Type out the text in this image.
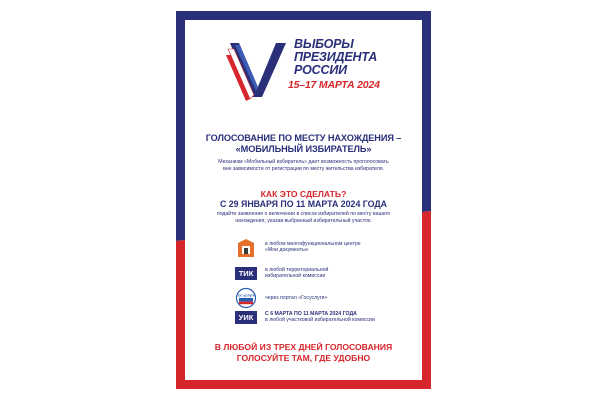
ВЫБОРЫ
ПРЕЗИДЕНТА
РОССИИ
15–17 МАРТА 2024
ГОЛОСОВАНИЕ ПО МЕСТУ НАХОЖДЕНИЯ –
«МОБИЛЬНЫЙ ИЗБИРАТЕЛЬ»
Механизм «Мобильный избиратель» дает возможность проголосовать
вне зависимости от регистрации по месту жительства избирателя.
КАК ЭТО СДЕЛАТЬ?
С 29 ЯНВАРЯ ПО 11 МАРТА 2024 ГОДА
подайте заявление о включении в список избирателей по месту вашего
нахождения, указав выбранный избирательный участок:
в любом многофункциональном центре
«Мои документы»
ТИК	в любой территориальной
избирательной комиссии
гос услуги через портал «Госуслуги»
УИК	С 6 МАРТА ПО 11 МАРТА 2024 ГОДА
в любой участковой избирательной комиссии
В ЛЮБОЙ ИЗ ТРЕХ ДНЕЙ ГОЛОСОВАНИЯ
ГОЛОСУЙТЕ ТАМ, ГДЕ УДОБНО
